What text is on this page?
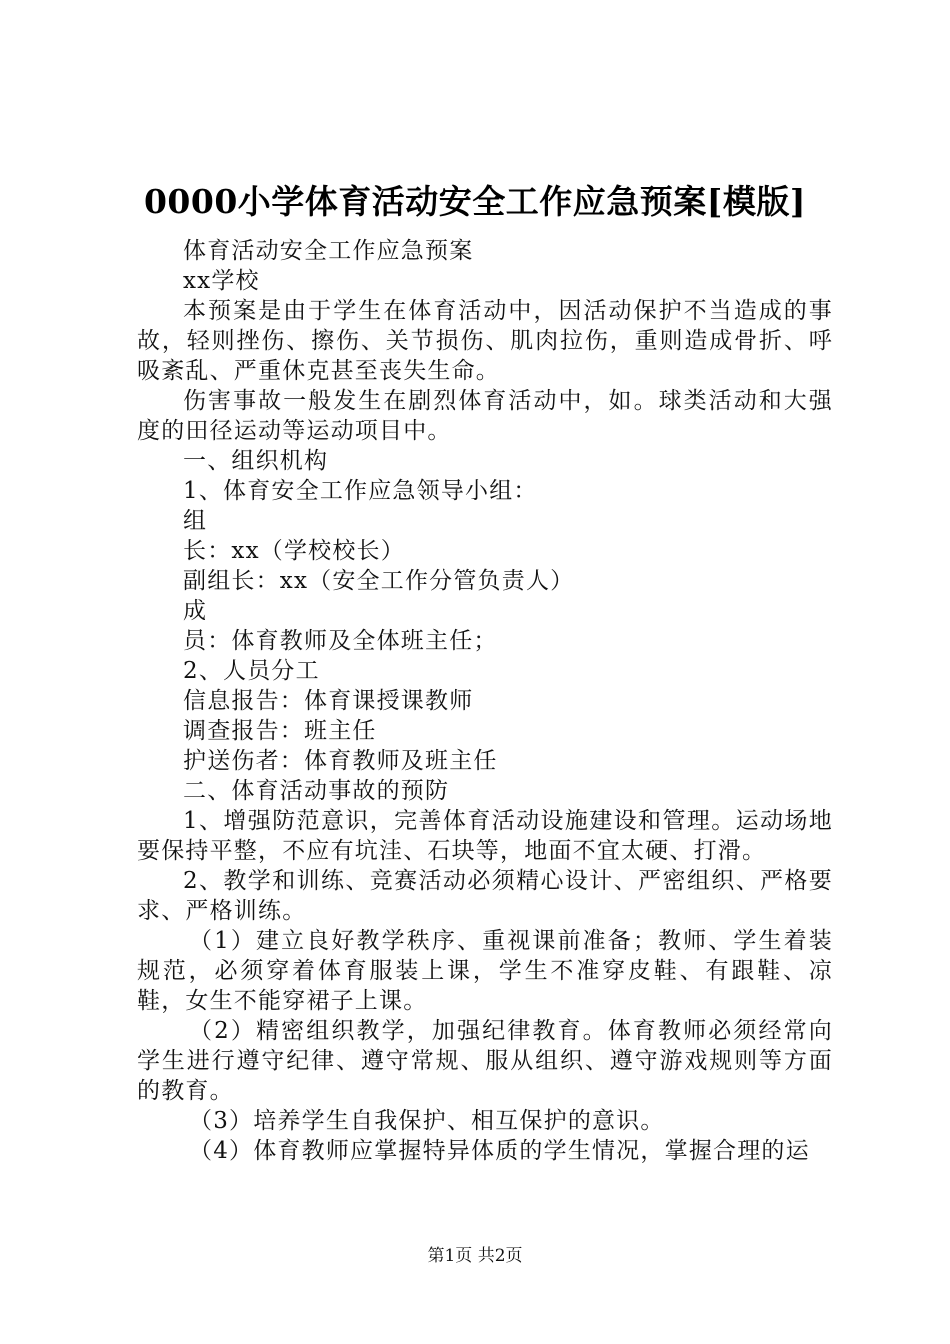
0000小学体育活动安全工作应急预案[模版]

体育活动安全工作应急预案

xx学校

本预案是由于学生在体育活动中，因活动保护不当造成的事故，轻则挫伤、擦伤、关节损伤、肌肉拉伤，重则造成骨折、呼吸紊乱、严重休克甚至丧失生命。

伤害事故一般发生在剧烈体育活动中，如。球类活动和大强度的田径运动等运动项目中。

一、组织机构

1、体育安全工作应急领导小组：

组

长：xx（学校校长）

副组长：xx（安全工作分管负责人）

成

员：体育教师及全体班主任；

2、人员分工

信息报告：体育课授课教师

调查报告：班主任

护送伤者：体育教师及班主任

二、体育活动事故的预防

1、增强防范意识，完善体育活动设施建设和管理。运动场地要保持平整，不应有坑洼、石块等，地面不宜太硬、打滑。

2、教学和训练、竞赛活动必须精心设计、严密组织、严格要求、严格训练。

（1）建立良好教学秩序、重视课前准备；教师、学生着装规范，必须穿着体育服装上课，学生不准穿皮鞋、有跟鞋、凉鞋，女生不能穿裙子上课。

（2）精密组织教学，加强纪律教育。体育教师必须经常向学生进行遵守纪律、遵守常规、服从组织、遵守游戏规则等方面的教育。

（3）培养学生自我保护、相互保护的意识。

（4）体育教师应掌握特异体质的学生情况，掌握合理的运

第1页 共2页
